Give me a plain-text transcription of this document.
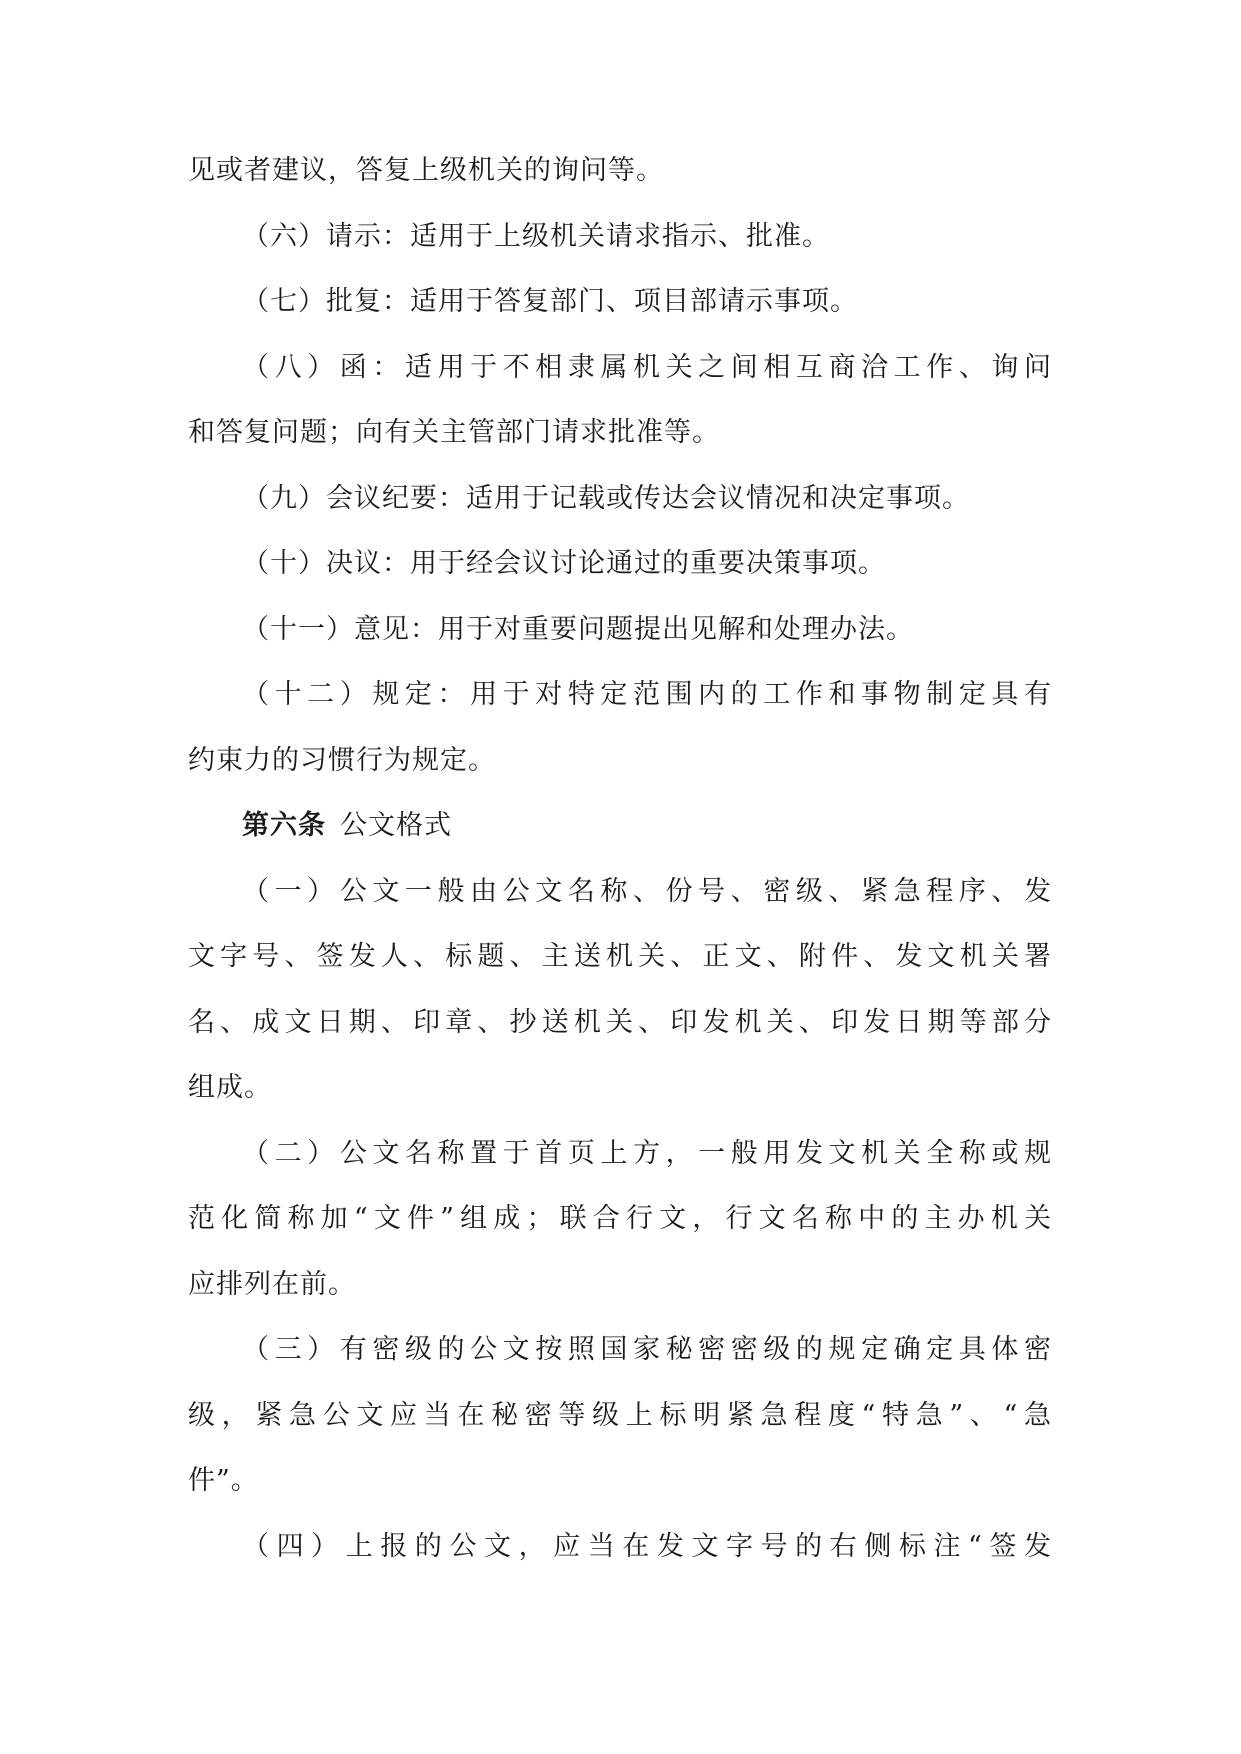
见或者建议，答复上级机关的询问等。
（六）请示：适用于上级机关请求指示、批准。
（七）批复：适用于答复部门、项目部请示事项。
（八）函：适用于不相隶属机关之间相互商洽工作、询问
和答复问题；向有关主管部门请求批准等。
（九）会议纪要：适用于记载或传达会议情况和决定事项。
（十）决议：用于经会议讨论通过的重要决策事项。
（十一）意见：用于对重要问题提出见解和处理办法。
（十二）规定：用于对特定范围内的工作和事物制定具有
约束力的习惯行为规定。
第六条 公文格式
（一）公文一般由公文名称、份号、密级、紧急程序、发
文字号、签发人、标题、主送机关、正文、附件、发文机关署
名、成文日期、印章、抄送机关、印发机关、印发日期等部分
组成。
（二）公文名称置于首页上方，一般用发文机关全称或规
范化简称加“文件”组成；联合行文，行文名称中的主办机关
应排列在前。
（三）有密级的公文按照国家秘密密级的规定确定具体密
级，紧急公文应当在秘密等级上标明紧急程度“特急”、“急
件”。
（四）上报的公文，应当在发文字号的右侧标注“签发
